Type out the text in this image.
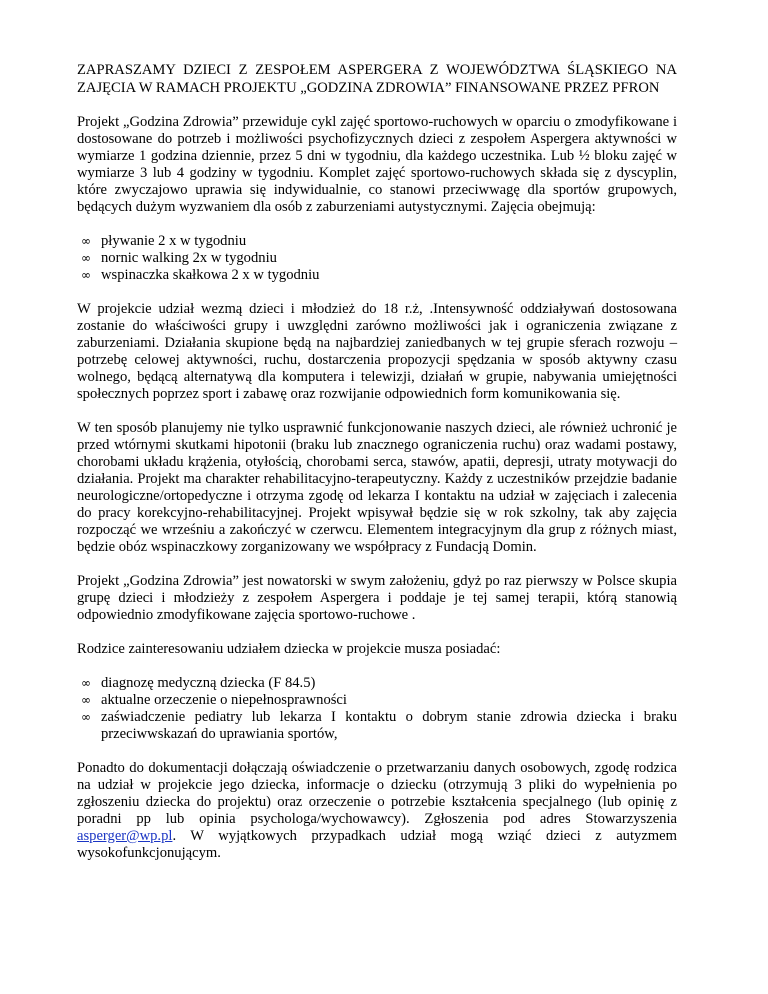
ZAPRASZAMY DZIECI Z ZESPOŁEM ASPERGERA Z WOJEWÓDZTWA ŚLĄSKIEGO NA ZAJĘCIA W RAMACH PROJEKTU „GODZINA ZDROWIA” FINANSOWANE PRZEZ PFRON

Projekt „Godzina Zdrowia” przewiduje cykl zajęć sportowo-ruchowych w oparciu o zmodyfikowane i dostosowane do potrzeb i możliwości psychofizycznych dzieci z zespołem Aspergera aktywności w wymiarze 1 godzina dziennie, przez 5 dni w tygodniu, dla każdego uczestnika. Lub ½ bloku zajęć w wymiarze 3 lub 4 godziny w tygodniu. Komplet zajęć sportowo-ruchowych składa się z dyscyplin, które zwyczajowo uprawia się indywidualnie, co stanowi przeciwwagę dla sportów grupowych, będących dużym wyzwaniem dla osób z zaburzeniami autystycznymi. Zajęcia obejmują:

∞ pływanie 2 x w tygodniu
∞ nornic walking 2x w tygodniu
∞ wspinaczka skałkowa 2 x w tygodniu

W projekcie udział wezmą dzieci i młodzież do 18 r.ż, .Intensywność oddziaływań dostosowana zostanie do właściwości grupy i uwzględni zarówno możliwości jak i ograniczenia związane z zaburzeniami. Działania skupione będą na najbardziej zaniedbanych w tej grupie sferach rozwoju – potrzebę celowej aktywności, ruchu, dostarczenia propozycji spędzania w sposób aktywny czasu wolnego, będącą alternatywą dla komputera i telewizji, działań w grupie, nabywania umiejętności społecznych poprzez sport i zabawę oraz rozwijanie odpowiednich form komunikowania się.

W ten sposób planujemy nie tylko usprawnić funkcjonowanie naszych dzieci, ale również uchronić je przed wtórnymi skutkami hipotonii (braku lub znacznego ograniczenia ruchu) oraz wadami postawy, chorobami układu krążenia, otyłością, chorobami serca, stawów, apatii, depresji, utraty motywacji do działania. Projekt ma charakter rehabilitacyjno-terapeutyczny. Każdy z uczestników przejdzie badanie neurologiczne/ortopedyczne i otrzyma zgodę od lekarza I kontaktu na udział w zajęciach i zalecenia do pracy korekcyjno-rehabilitacyjnej. Projekt wpisywał będzie się w rok szkolny, tak aby zajęcia rozpocząć we wrześniu a zakończyć w czerwcu. Elementem integracyjnym dla grup z różnych miast, będzie obóz wspinaczkowy zorganizowany we współpracy z Fundacją Domin.

Projekt „Godzina Zdrowia” jest nowatorski w swym założeniu, gdyż po raz pierwszy w Polsce skupia grupę dzieci i młodzieży z zespołem Aspergera i poddaje je tej samej terapii, którą stanowią odpowiednio zmodyfikowane zajęcia sportowo-ruchowe .

Rodzice zainteresowaniu udziałem dziecka w projekcie musza posiadać:

∞ diagnozę medyczną dziecka (F 84.5)
∞ aktualne orzeczenie o niepełnosprawności
∞ zaświadczenie pediatry lub lekarza I kontaktu o dobrym stanie zdrowia dziecka i braku przeciwwskazań do uprawiania sportów,

Ponadto do dokumentacji dołączają oświadczenie o przetwarzaniu danych osobowych, zgodę rodzica na udział w projekcie jego dziecka, informacje o dziecku (otrzymują 3 pliki do wypełnienia po zgłoszeniu dziecka do projektu) oraz orzeczenie o potrzebie kształcenia specjalnego (lub opinię z poradni pp lub opinia psychologa/wychowawcy). Zgłoszenia pod adres Stowarzyszenia asperger@wp.pl. W wyjątkowych przypadkach udział mogą wziąć dzieci z autyzmem wysokofunkcjonującym.
